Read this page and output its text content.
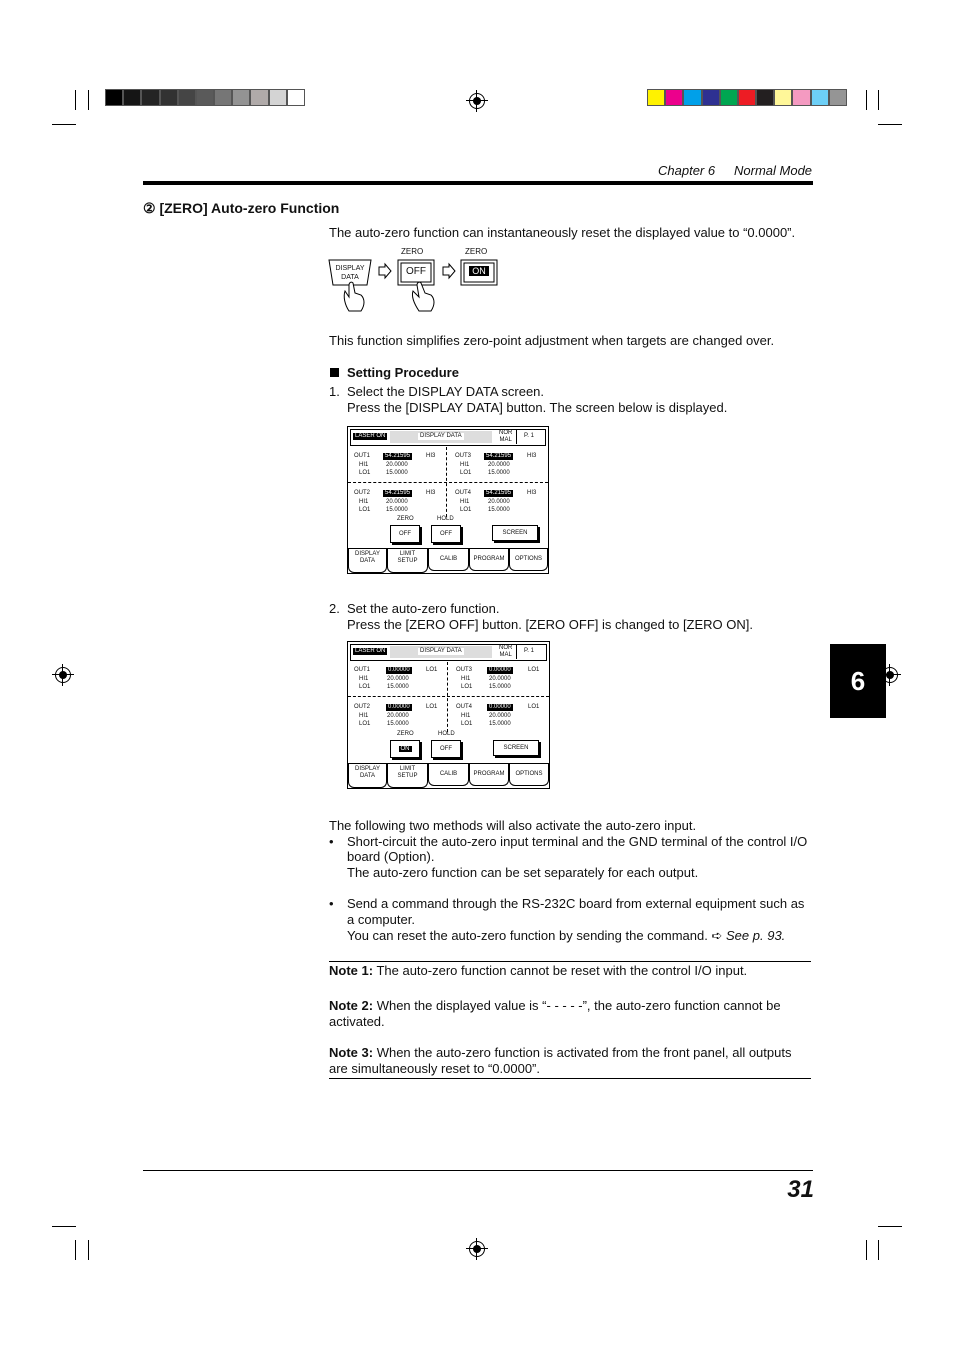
6
Chapter 6 Normal Mode
② [ZERO] Auto-zero Function
The auto-zero function can instantaneously reset the displayed value to “0.0000”.
DISPLAY
DATA
ZERO
OFF
ZERO
ON
This function simplifies zero-point adjustment when targets are changed over.
Setting Procedure
1. Select the DISPLAY DATA screen.
Press the [DISPLAY DATA] button. The screen below is displayed.
LASER ON	DISPLAY DATA	NOR
MAL
P. 1
OUT1	54.21595	HI3
HI1
LO1
20.0000
15.0000
OUT3	54.21595	HI3
HI1
LO1
20.0000
15.0000
OUT2	54.21595	HI3
HI1
LO1
20.0000
15.0000
OUT4	54.21595	HI3
HI1
LO1
20.0000
15.0000
ZERO	HOLD
OFF	OFF	SCREEN
DISPLAY
DATA
LIMIT
SETUP	CALIB	PROGRAM	OPTIONS
2. Set the auto-zero function.
Press the [ZERO OFF] button. [ZERO OFF] is changed to [ZERO ON].
LASER ON	DISPLAY DATA	NOR
MAL
P. 1
OUT1	0.00000	LO1
HI1
LO1
20.0000
15.0000
OUT3	0.00000	LO1
HI1
LO1
20.0000
15.0000
OUT2	0.00000	LO1
HI1
LO1
20.0000
15.0000
OUT4	0.00000	LO1
HI1
LO1
20.0000
15.0000
ZERO	HOLD
ON	OFF	SCREEN
DISPLAY
DATA
LIMIT
SETUP	CALIB	PROGRAM	OPTIONS
The following two methods will also activate the auto-zero input.
• Short-circuit the auto-zero input terminal and the GND terminal of the control I/O
board (Option).
The auto-zero function can be set separately for each output.
• Send a command through the RS-232C board from external equipment such as
a computer.
You can reset the auto-zero function by sending the command. ➪ See p. 93.
Note 1: The auto-zero function cannot be reset with the control I/O input.
Note 2: When the displayed value is “- - - - -”, the auto-zero function cannot be activated.
Note 3: When the auto-zero function is activated from the front panel, all outputs are simultaneously reset to “0.0000”.
31
